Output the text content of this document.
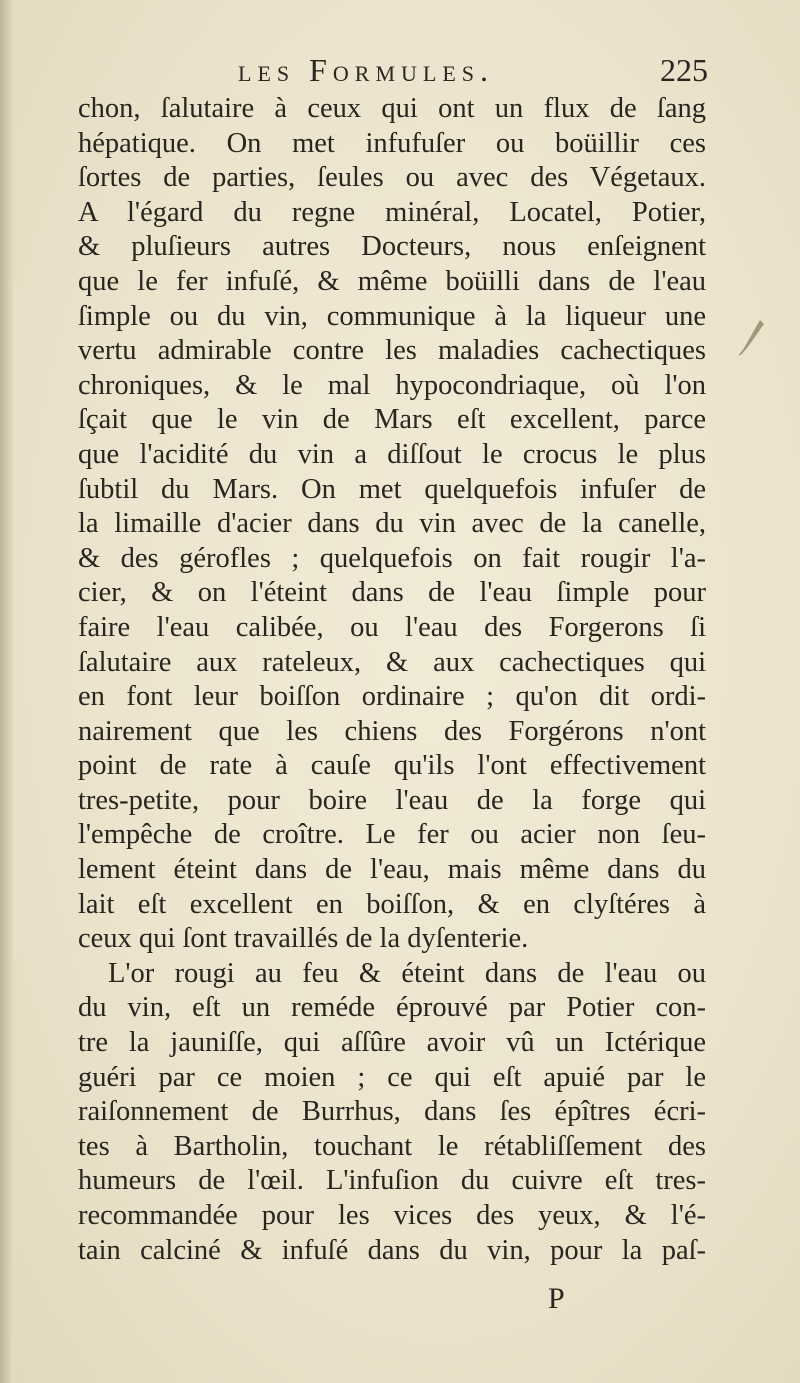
les Formules.	225
chon, ſalutaire à ceux qui ont un flux de ſang
hépatique. On met infufuſer ou boüillir ces
ſortes de parties, ſeules ou avec des Végetaux.
A l'égard du regne minéral, Locatel, Potier,
& pluſieurs autres Docteurs, nous enſeignent
que le fer infuſé, & même boüilli dans de l'eau
ſimple ou du vin, communique à la liqueur une
vertu admirable contre les maladies cachectiques
chroniques, & le mal hypocondriaque, où l'on
ſçait que le vin de Mars eſt excellent, parce
que l'acidité du vin a diſſout le crocus le plus
ſubtil du Mars. On met quelquefois infuſer de
la limaille d'acier dans du vin avec de la canelle,
& des gérofles ; quelquefois on fait rougir l'a-
cier, & on l'éteint dans de l'eau ſimple pour
faire l'eau calibée, ou l'eau des Forgerons ſi
ſalutaire aux rateleux, & aux cachectiques qui
en font leur boiſſon ordinaire ; qu'on dit ordi-
nairement que les chiens des Forgérons n'ont
point de rate à cauſe qu'ils l'ont effectivement
tres-petite, pour boire l'eau de la forge qui
l'empêche de croître. Le fer ou acier non ſeu-
lement éteint dans de l'eau, mais même dans du
lait eſt excellent en boiſſon, & en clyſtéres à
ceux qui ſont travaillés de la dyſenterie.
L'or rougi au feu & éteint dans de l'eau ou
du vin, eſt un reméde éprouvé par Potier con-
tre la jauniſſe, qui aſſûre avoir vû un Ictérique
guéri par ce moien ; ce qui eſt apuié par le
raiſonnement de Burrhus, dans ſes épîtres écri-
tes à Bartholin, touchant le rétabliſſement des
humeurs de l'œil. L'infuſion du cuivre eſt tres-
recommandée pour les vices des yeux, & l'é-
tain calciné & infuſé dans du vin, pour la paſ-
P
